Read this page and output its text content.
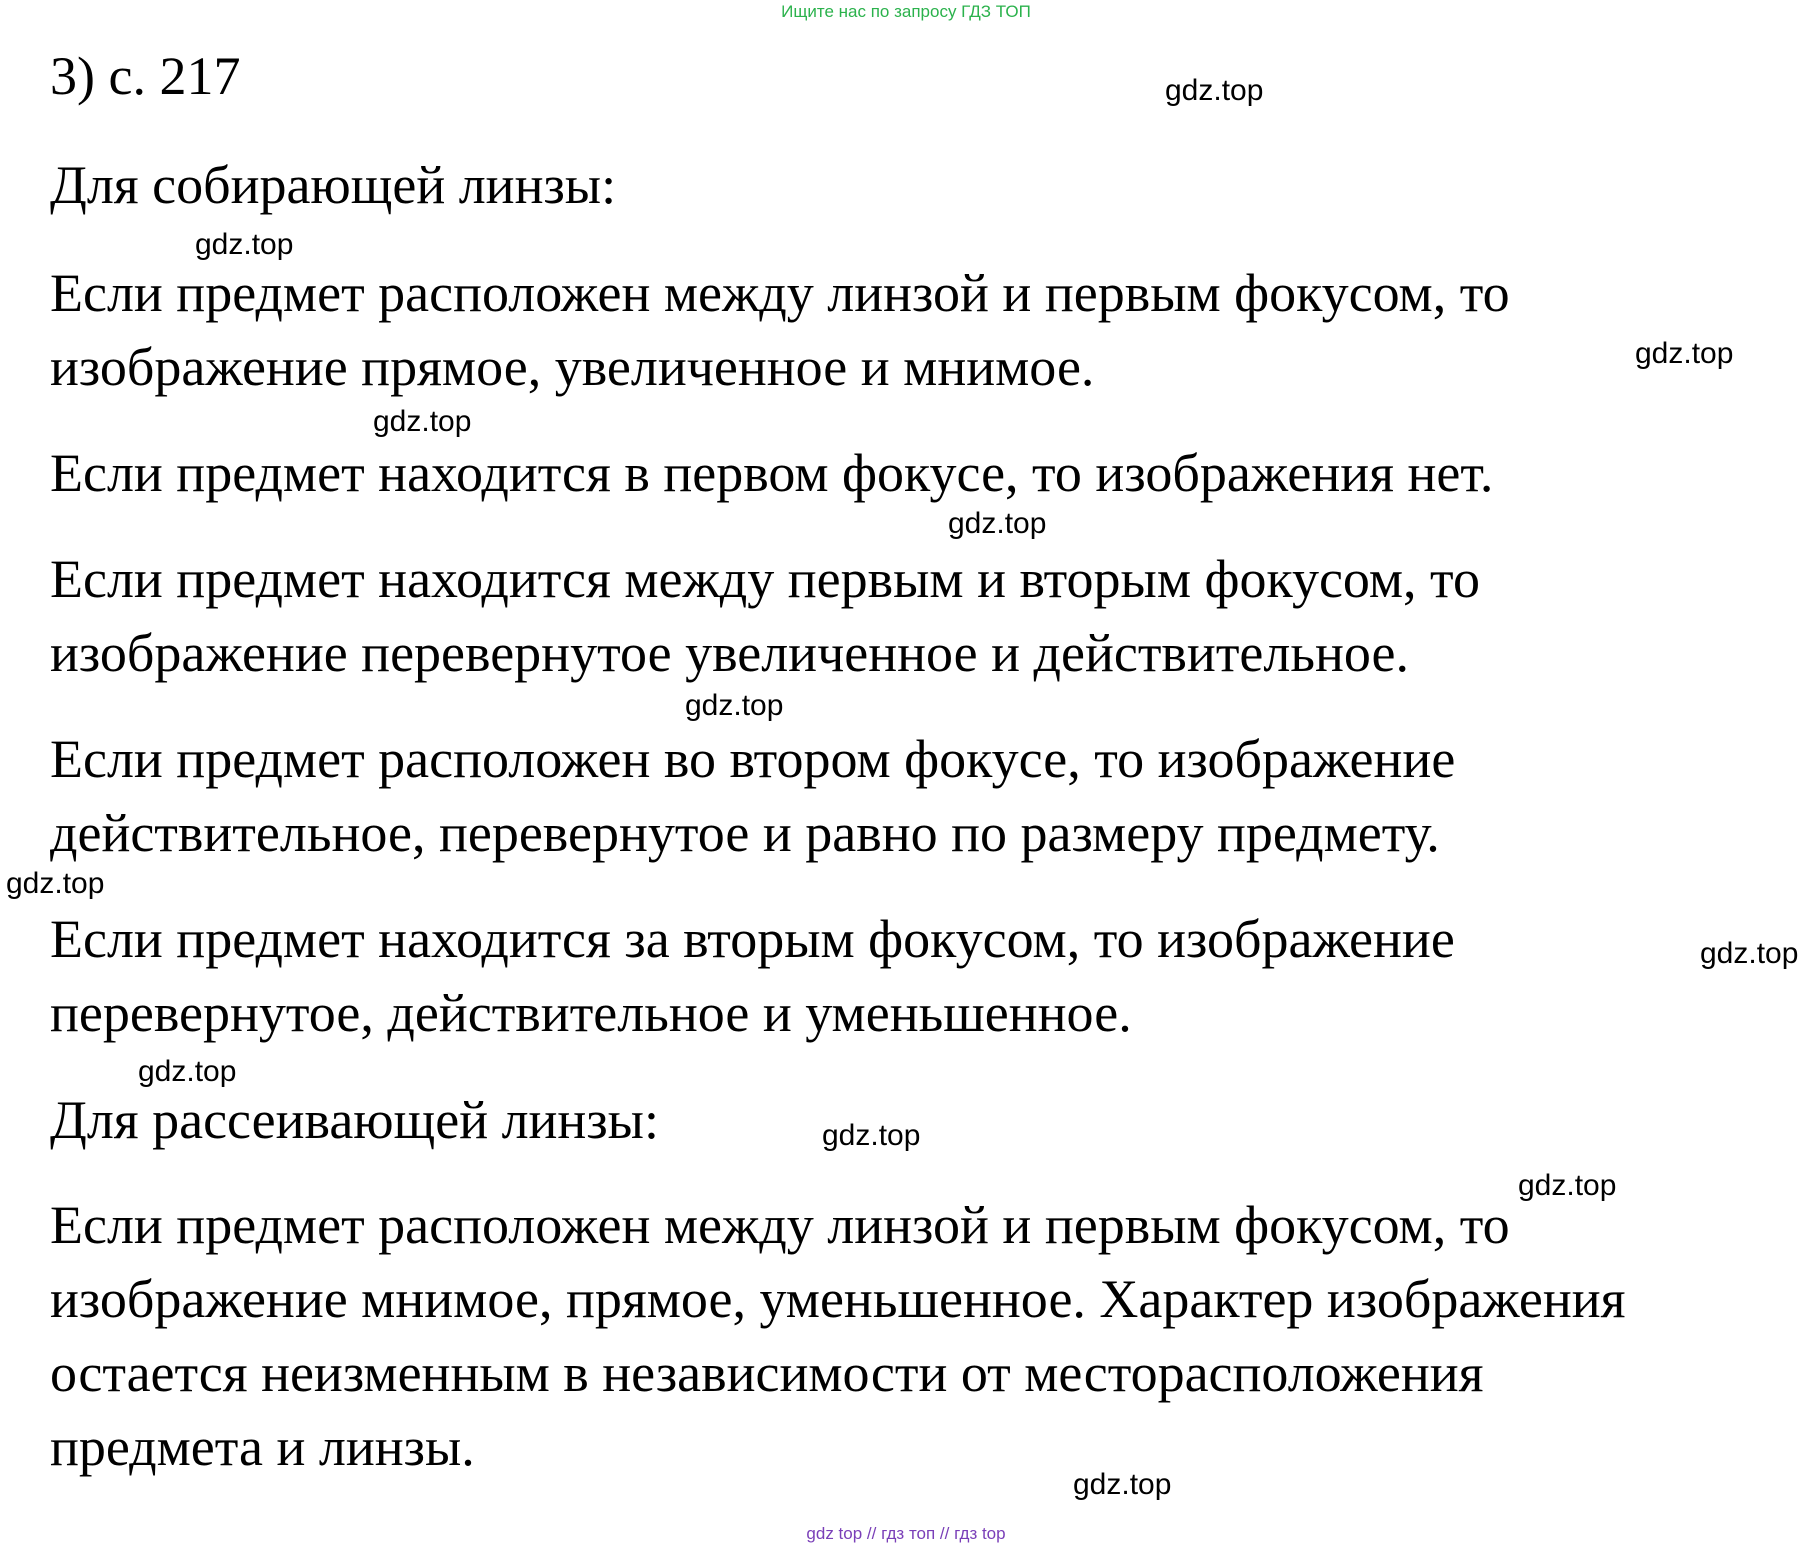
Ищите нас по запросу ГДЗ ТОП

3) с. 217

Для собирающей линзы:

Если предмет расположен между линзой и первым фокусом, то

изображение прямое, увеличенное и мнимое.

Если предмет находится в первом фокусе, то изображения нет.

Если предмет находится между первым и вторым фокусом, то

изображение перевернутое увеличенное и действительное.

Если предмет расположен во втором фокусе, то изображение

действительное, перевернутое и равно по размеру предмету.

Если предмет находится за вторым фокусом, то изображение

перевернутое, действительное и уменьшенное.

Для рассеивающей линзы:

Если предмет расположен между линзой и первым фокусом, то

изображение мнимое, прямое, уменьшенное. Характер изображения

остается неизменным в независимости от месторасположения

предмета и линзы.

gdz.top

gdz.top

gdz.top

gdz.top

gdz.top

gdz.top

gdz.top

gdz.top

gdz.top

gdz.top

gdz.top

gdz.top

gdz top // гдз топ // гдз top
